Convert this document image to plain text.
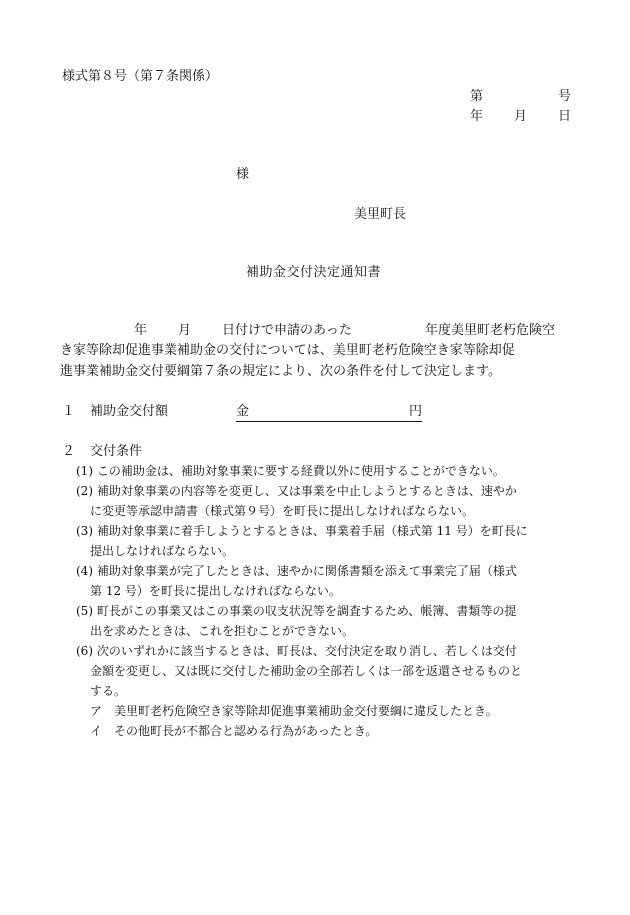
様式第８号（第７条関係）
第	号
年 月 日
様
美里町長
補助金交付決定通知書
年 月 日付けで申請のあった	年度美里町老朽危険空
き家等除却促進事業補助金の交付については、美里町老朽危険空き家等除却促
進事業補助金交付要綱第７条の規定により、次の条件を付して決定します。
１ 補助金交付額	金	円
２ 交付条件
(1) この補助金は、補助対象事業に要する経費以外に使用することができない。
(2) 補助対象事業の内容等を変更し、又は事業を中止しようとするときは、速やか
に変更等承認申請書（様式第９号）を町長に提出しなければならない。
(3) 補助対象事業に着手しようとするときは、事業着手届（様式第 11 号）を町長に
提出しなければならない。
(4) 補助対象事業が完了したときは、速やかに関係書類を添えて事業完了届（様式
第 12 号）を町長に提出しなければならない。
(5) 町長がこの事業又はこの事業の収支状況等を調査するため、帳簿、書類等の提
出を求めたときは、これを拒むことができない。
(6) 次のいずれかに該当するときは、町長は、交付決定を取り消し、若しくは交付
金額を変更し、又は既に交付した補助金の全部若しくは一部を返還させるものと
する。
ア　美里町老朽危険空き家等除却促進事業補助金交付要綱に違反したとき。
イ　その他町長が不都合と認める行為があったとき。
